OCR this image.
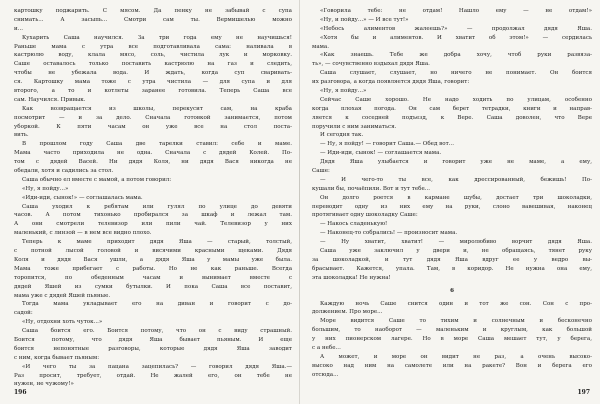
картошку поджарить. С мясом. Да пенку не забывай с супа
снимать... А засыпь... Смотри сам ты. Вермишелью можно
и...
Кухарить Саша научился. За три года ему не научишься!
Раньше мама с утра все подготавливала сама: наливала в
кастрюлю воду, клала мясо, соль, чистила лук и морковку.
Саше оставалось только поставить кастрюлю на газ и следить,
чтобы не убежала вода. И ждать, когда суп сваривать-
ся. Картошку мама тоже с утра чистила — для супа и для
второго, а то и котлеты заранее готовила. Теперь Саша все
сам. Научился. Привык.
Как возвращается из школы, перекусит сам, на краба
посмотрит — и за дело. Сначала готовкой занимается, потом
уборкой. К пяти часам он уже все на стол поста-
вить.
В прошлом году Саша две тарелки ставил: себе и маме.
Мама часто приходила не одна. Сначала с дядей Колей. По-
том с дядей Васей. Ни дядя Коля, ни дядя Вася никогда не
обедали, хотя и садились за стол.
Саша обычно ел вместе с мамой, а потом говорил:
«Ну, я пойду...»
«Иди-иди, сынок!» — соглашалась мама.
Саша уходил к ребятам или гулял по улице до девяти
часов. А потом тихонько пробирался за шкаф и лежал там.
А они смотрели телевизор или пили чай. Телевизор у них
маленький, с линзой — в нем все видно плохо.
Теперь к маме приходит дядя Яша — старый, толстый,
с потной лысой головой и висячими красными щеками. Дядя
Коля и дядя Вася ушли, а дядя Яша у мамы уже была.
Мама тоже прибегает с работы. Но не как раньше. Всегда
торопится, по обеденным часам и вынимает вместе с
дядей Яшей из сумки бутылки. И пока Саша все поставит,
мама уже с дядей Яшей пьяные.
Тогда мама укладывает его на диван и говорит с до-
садой:
«Ну, отдохни хоть чуток...»
Саша боится его. Боится потому, что он с виду страшный.
Боится потому, что дядя Яша бывает пьяным. И еще
боится непонятные разговоры, которые дядя Яша заводит
с ним, когда бывает пьяным:
«И чего ты за пацана зацепилась? — говорил дядя Яша.—
Раз просит, требует, отдай. Не жалей его, он тебе не
нужен, не чужому!»
196
«Говорила тебе: не отдам! Нашло ему — не отдам!»
«Ну, и пойду...» — И все тут!»
«Небось алиментов жалеешь?» — продолжал дядя Яша.
«Хотя бы и алиментов. И хватит об этом!» — сердилась
мама.
«Как знаешь. Тебе же добра хочу, чтоб руки развяза-
ть», — сочувственно вздыхал дядя Яша.
Саша слушает, слушает, но ничего не понимает. Он боится
их разговора, а когда появляется дядя Яша, говорит:
«Ну, я пойду...»
Сейчас Саше хорошо. Не надо ходить по улицам, особенно
когда плохая погода. Он сам берет тетрадки, книги и направ-
ляется к соседней подъезд, к Вере. Саша доволен, что Вере
поручили с ним заниматься.
И сегодня так.
— Ну, я пойду! — говорит Саша.— Обед вот...
— Иди-иди, сынок! — соглашается мама.
Дядя Яша улыбается и говорит уже не маме, а ему,
Саше:
— И чего-то ты все, как дрессированный, бежишь! По-
кушали бы, почаёпили. Вот и тут тебе...
Он долго роется в кармане шубы, достает три шоколадки,
переводит одну из них ему на руки, слоно вавешивая, наконец
протягивает одну шоколадку Саше:
— Накось сладенькую!
— Наконец-то собрались! — произносит мама.
— Ну хватит, хватит! — миролюбиво ворчит дядя Яша.
Саша уже заключил у двери и, не обращаясь, тянет руку
за шоколадкой, и тут дядя Яша вдруг ее у ведро вы-
брасывает. Кажется, упала. Там, в коридор. Не нужна она ему,
эта шоколадка! Не нужна!
6
Каждую ночь Саше снится один и тот же сон. Сон с про-
должением. Про море...
Море видится Саше то тихим и солнечным и бесконечно
большим, то наоборот — маленьким и круглым, как большой
у них пионерском лагере. Но в море Саша мешает тут, у берега,
с а небе...
А может, и море он видит не раз, а очень высоко-
высоко над ним на самолете или на ракете? Вон и берега его
отсюда...
197
